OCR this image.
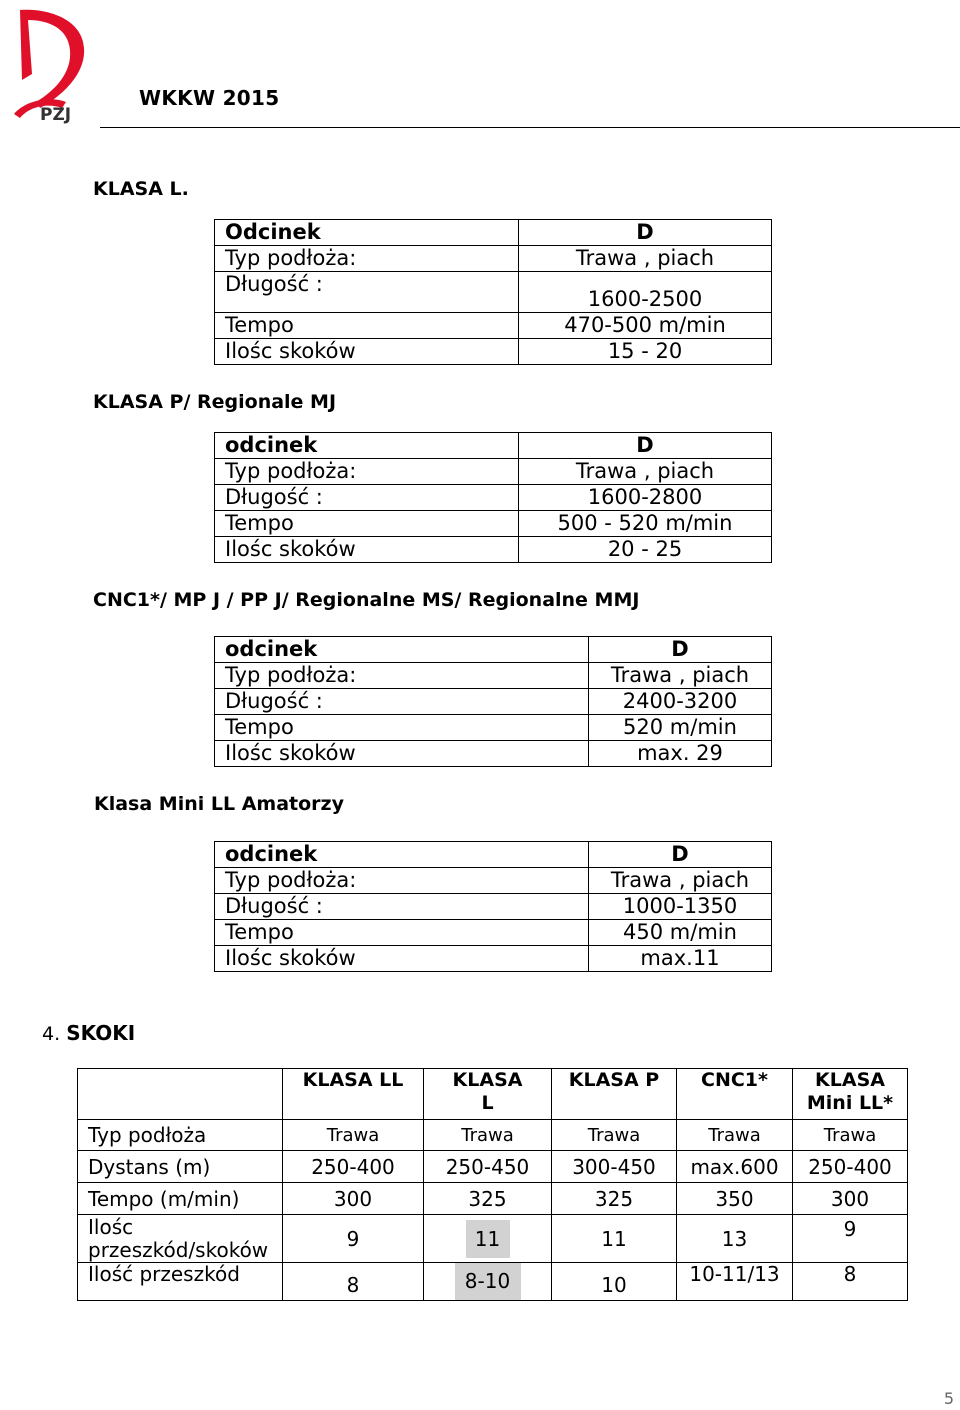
PZJ
WKKW 2015
KLASA L.
Odcinek	D
Typ podłoża:	Trawa , piach
Długość :	1600-2500
Tempo	470-500 m/min
Ilośc skoków	15 - 20
KLASA P/ Regionale MJ
odcinek	D
Typ podłoża:	Trawa , piach
Długość :	1600-2800
Tempo	500 - 520 m/min
Ilośc skoków	20 - 25
CNC1*/ MP J / PP J/ Regionalne MS/ Regionalne MMJ
odcinek	D
Typ podłoża:	Trawa , piach
Długość :	2400-3200
Tempo	520 m/min
Ilośc skoków	max. 29
Klasa Mini LL Amatorzy
odcinek	D
Typ podłoża:	Trawa , piach
Długość :	1000-1350
Tempo	450 m/min
Ilośc skoków	max.11
4. SKOKI
	KLASA LL	KLASA L	KLASA P	CNC1*	KLASA Mini LL*

Typ podłoża	Trawa	Trawa	Trawa	Trawa	Trawa
Dystans (m)	250-400	250-450	300-450	max.600	250-400
Tempo (m/min)	300	325	325	350	300

Ilośc przeszkód/skoków	9	11	11	13	9
Ilość przeszkód	8	8-10	10	10-11/13	8
5
